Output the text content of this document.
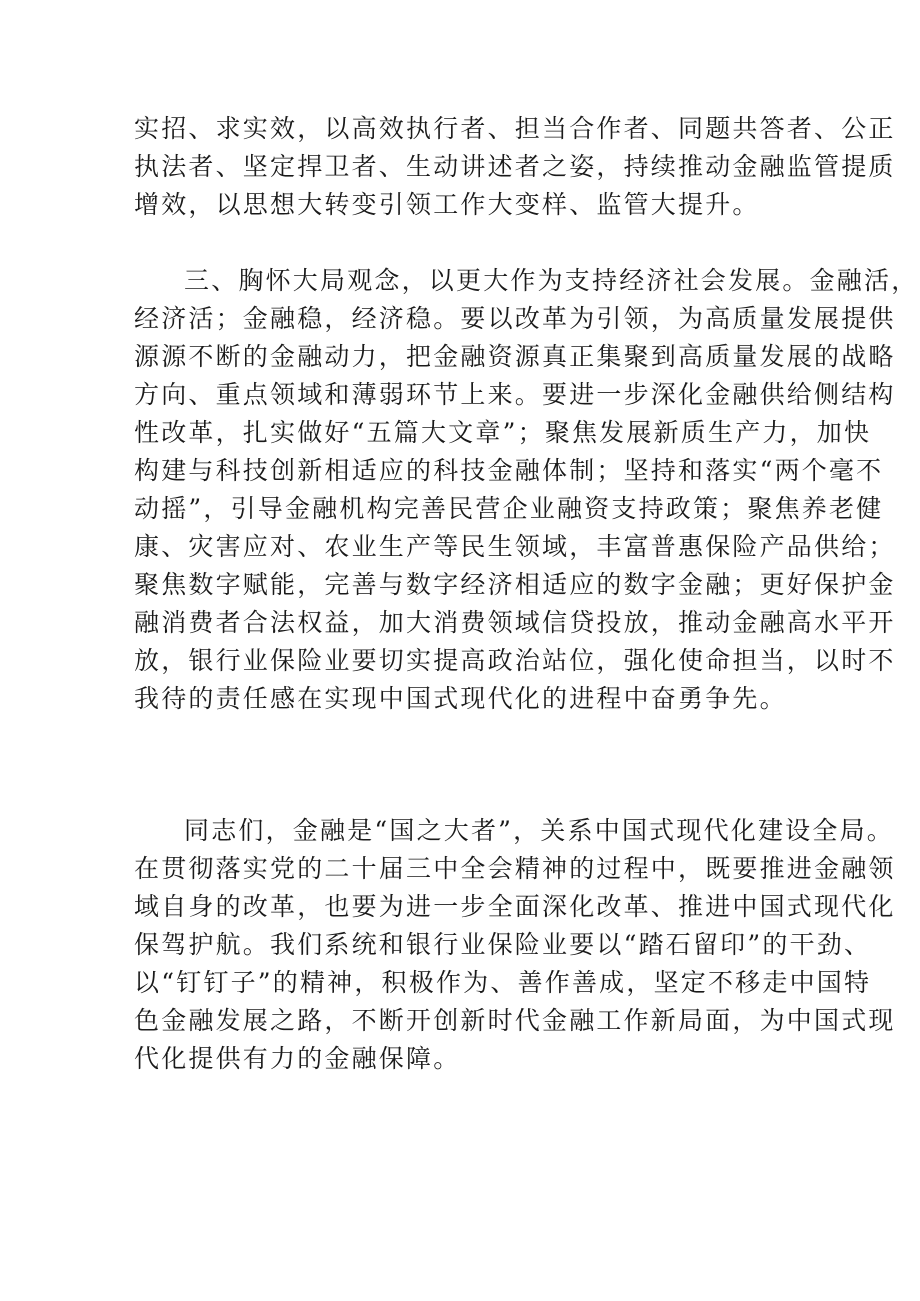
实招、求实效，以高效执行者、担当合作者、同题共答者、公正
执法者、坚定捍卫者、生动讲述者之姿，持续推动金融监管提质
增效，以思想大转变引领工作大变样、监管大提升。
三、胸怀大局观念，以更大作为支持经济社会发展。金融活，
经济活；金融稳，经济稳。要以改革为引领，为高质量发展提供
源源不断的金融动力，把金融资源真正集聚到高质量发展的战略
方向、重点领域和薄弱环节上来。要进一步深化金融供给侧结构
性改革，扎实做好“五篇大文章”；聚焦发展新质生产力，加快
构建与科技创新相适应的科技金融体制；坚持和落实“两个毫不
动摇”，引导金融机构完善民营企业融资支持政策；聚焦养老健
康、灾害应对、农业生产等民生领域，丰富普惠保险产品供给；
聚焦数字赋能，完善与数字经济相适应的数字金融；更好保护金
融消费者合法权益，加大消费领域信贷投放，推动金融高水平开
放，银行业保险业要切实提高政治站位，强化使命担当，以时不
我待的责任感在实现中国式现代化的进程中奋勇争先。
同志们，金融是“国之大者”，关系中国式现代化建设全局。
在贯彻落实党的二十届三中全会精神的过程中，既要推进金融领
域自身的改革，也要为进一步全面深化改革、推进中国式现代化
保驾护航。我们系统和银行业保险业要以“踏石留印”的干劲、
以“钉钉子”的精神，积极作为、善作善成，坚定不移走中国特
色金融发展之路，不断开创新时代金融工作新局面，为中国式现
代化提供有力的金融保障。
